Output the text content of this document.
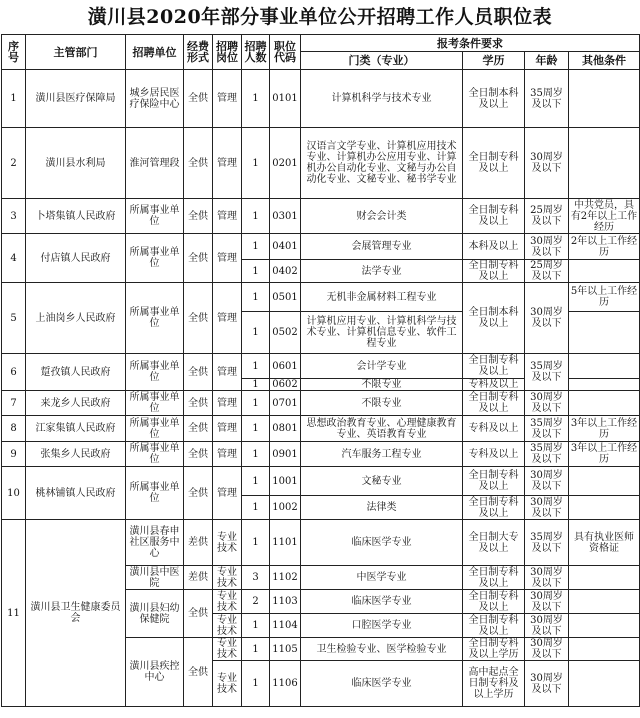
潢川县2020年部分事业单位公开招聘工作人员职位表
序号	主管部门	招聘单位	经费形式	招聘岗位	招聘人数	职位代码	报考条件要求			
							门类（专业）	学历	年龄	其他条件
1	潢川县医疗保障局	城乡居民医疗保险中心	全供	管理	1	0101	计算机科学与技术专业	全日制本科及以上	35周岁及以下	
2	潢川县水利局	淮河管理段	全供	管理	1	0201	汉语言文学专业、计算机应用技术专业、计算机办公应用专业、计算机办公自动化专业、文秘与办公自动化专业、文秘专业、秘书学专业	全日制专科及以上	30周岁及以下	
3	卜塔集镇人民政府	所属事业单位	全供	管理	1	0301	财会会计类	全日制专科及以上	25周岁及以下	中共党员，具有2年以上工作经历
4	付店镇人民政府	所属事业单位	全供	管理	1	0401	会展管理专业	本科及以上	30周岁及以下	2年以上工作经历
					1	0402	法学专业	全日制专科及以上	25周岁及以下	
5	上油岗乡人民政府	所属事业单位	全供	管理	1	0501	无机非金属材料工程专业	全日制本科及以上	30周岁及以下	5年以上工作经历
					1	0502	计算机应用专业、计算机科学与技术专业、计算机信息专业、软件工程专业			
6	踅孜镇人民政府	所属事业单位	全供	管理	1	0601	会计学专业	全日制专科及以上	35周岁及以下	
					1	0602	不限专业	专科及以上		
7	来龙乡人民政府	所属事业单位	全供	管理	1	0701	不限专业	全日制专科及以上	30周岁及以下	
8	江家集镇人民政府	所属事业单位	全供	管理	1	0801	思想政治教育专业、心理健康教育专业、英语教育专业	专科及以上	35周岁及以下	3年以上工作经历
9	张集乡人民政府	所属事业单位	全供	管理	1	0901	汽车服务工程专业	专科及以上	35周岁及以下	3年以上工作经历
10	桃林铺镇人民政府	所属事业单位	全供	管理	1	1001	文秘专业	全日制专科及以上	30周岁及以下	
					1	1002	法律类	全日制专科及以上	30周岁及以下	
11	潢川县卫生健康委员会	潢川县春申社区服务中心	差供	专业技术	1	1101	临床医学专业	全日制大专及以上	35周岁及以下	具有执业医师资格证
		潢川县中医院	差供	专业技术	3	1102	中医学专业	全日制专科及以上	30周岁及以下	
		潢川县妇幼保健院	全供	专业技术	2	1103	临床医学专业	全日制专科及以上	30周岁及以下	
				专业技术	1	1104	口腔医学专业	全日制专科及以上	30周岁及以下	
		潢川县疾控中心	全供	专业技术	1	1105	卫生检验专业、医学检验专业	全日制专科及以上学历	30周岁及以下	
				专业技术	1	1106	临床医学专业	高中起点全日制专科及以上学历	30周岁及以下	
